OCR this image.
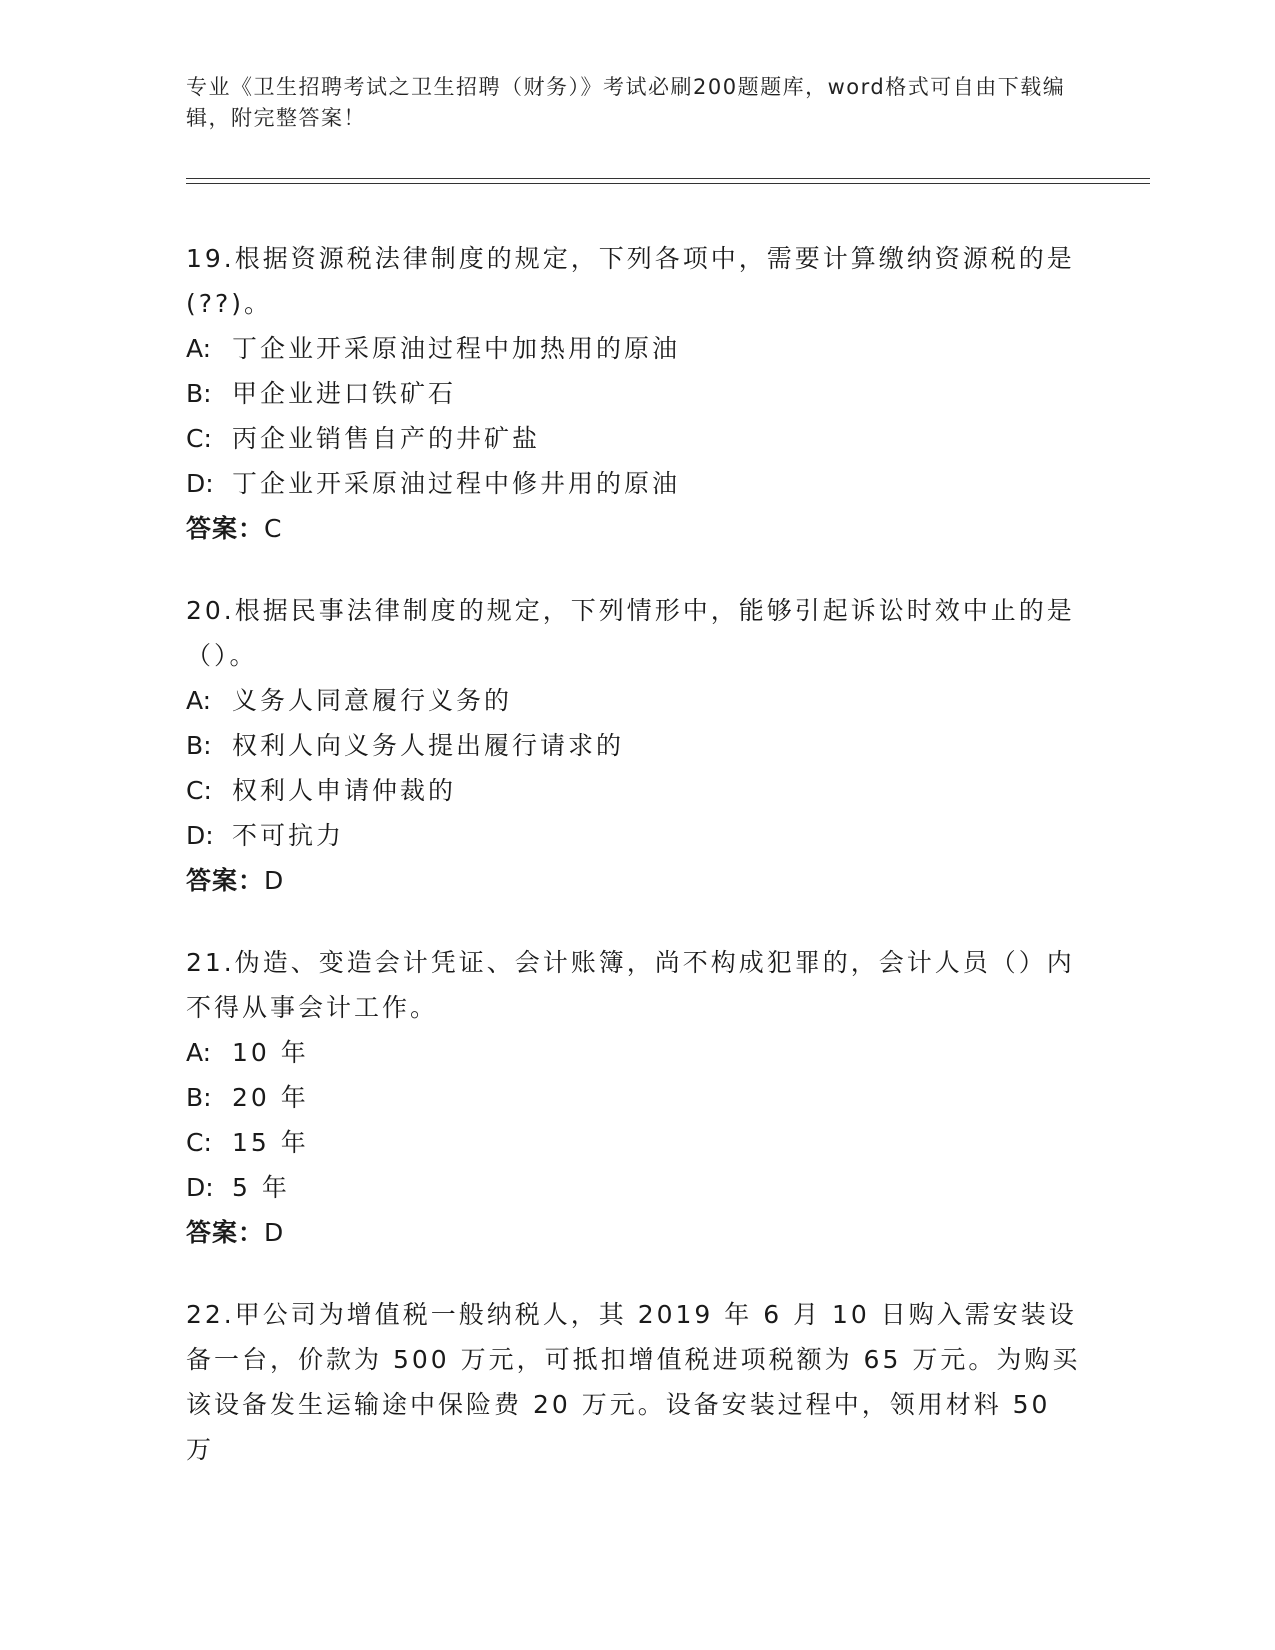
专业《卫生招聘考试之卫生招聘（财务）》考试必刷200题题库，word格式可自由下载编辑，附完整答案！

19.根据资源税法律制度的规定，下列各项中，需要计算缴纳资源税的是(??)。

A: 丁企业开采原油过程中加热用的原油

B: 甲企业进口铁矿石

C: 丙企业销售自产的井矿盐

D: 丁企业开采原油过程中修井用的原油

答案：C

20.根据民事法律制度的规定，下列情形中，能够引起诉讼时效中止的是（）。

A: 义务人同意履行义务的

B: 权利人向义务人提出履行请求的

C: 权利人申请仲裁的

D: 不可抗力

答案：D

21.伪造、变造会计凭证、会计账簿，尚不构成犯罪的，会计人员（）内不得从事会计工作。

A: 10 年

B: 20 年

C: 15 年

D: 5 年

答案：D

22.甲公司为增值税一般纳税人，其 2019 年 6 月 10 日购入需安装设备一台，价款为 500 万元，可抵扣增值税进项税额为 65 万元。为购买该设备发生运输途中保险费 20 万元。设备安装过程中，领用材料 50 万
